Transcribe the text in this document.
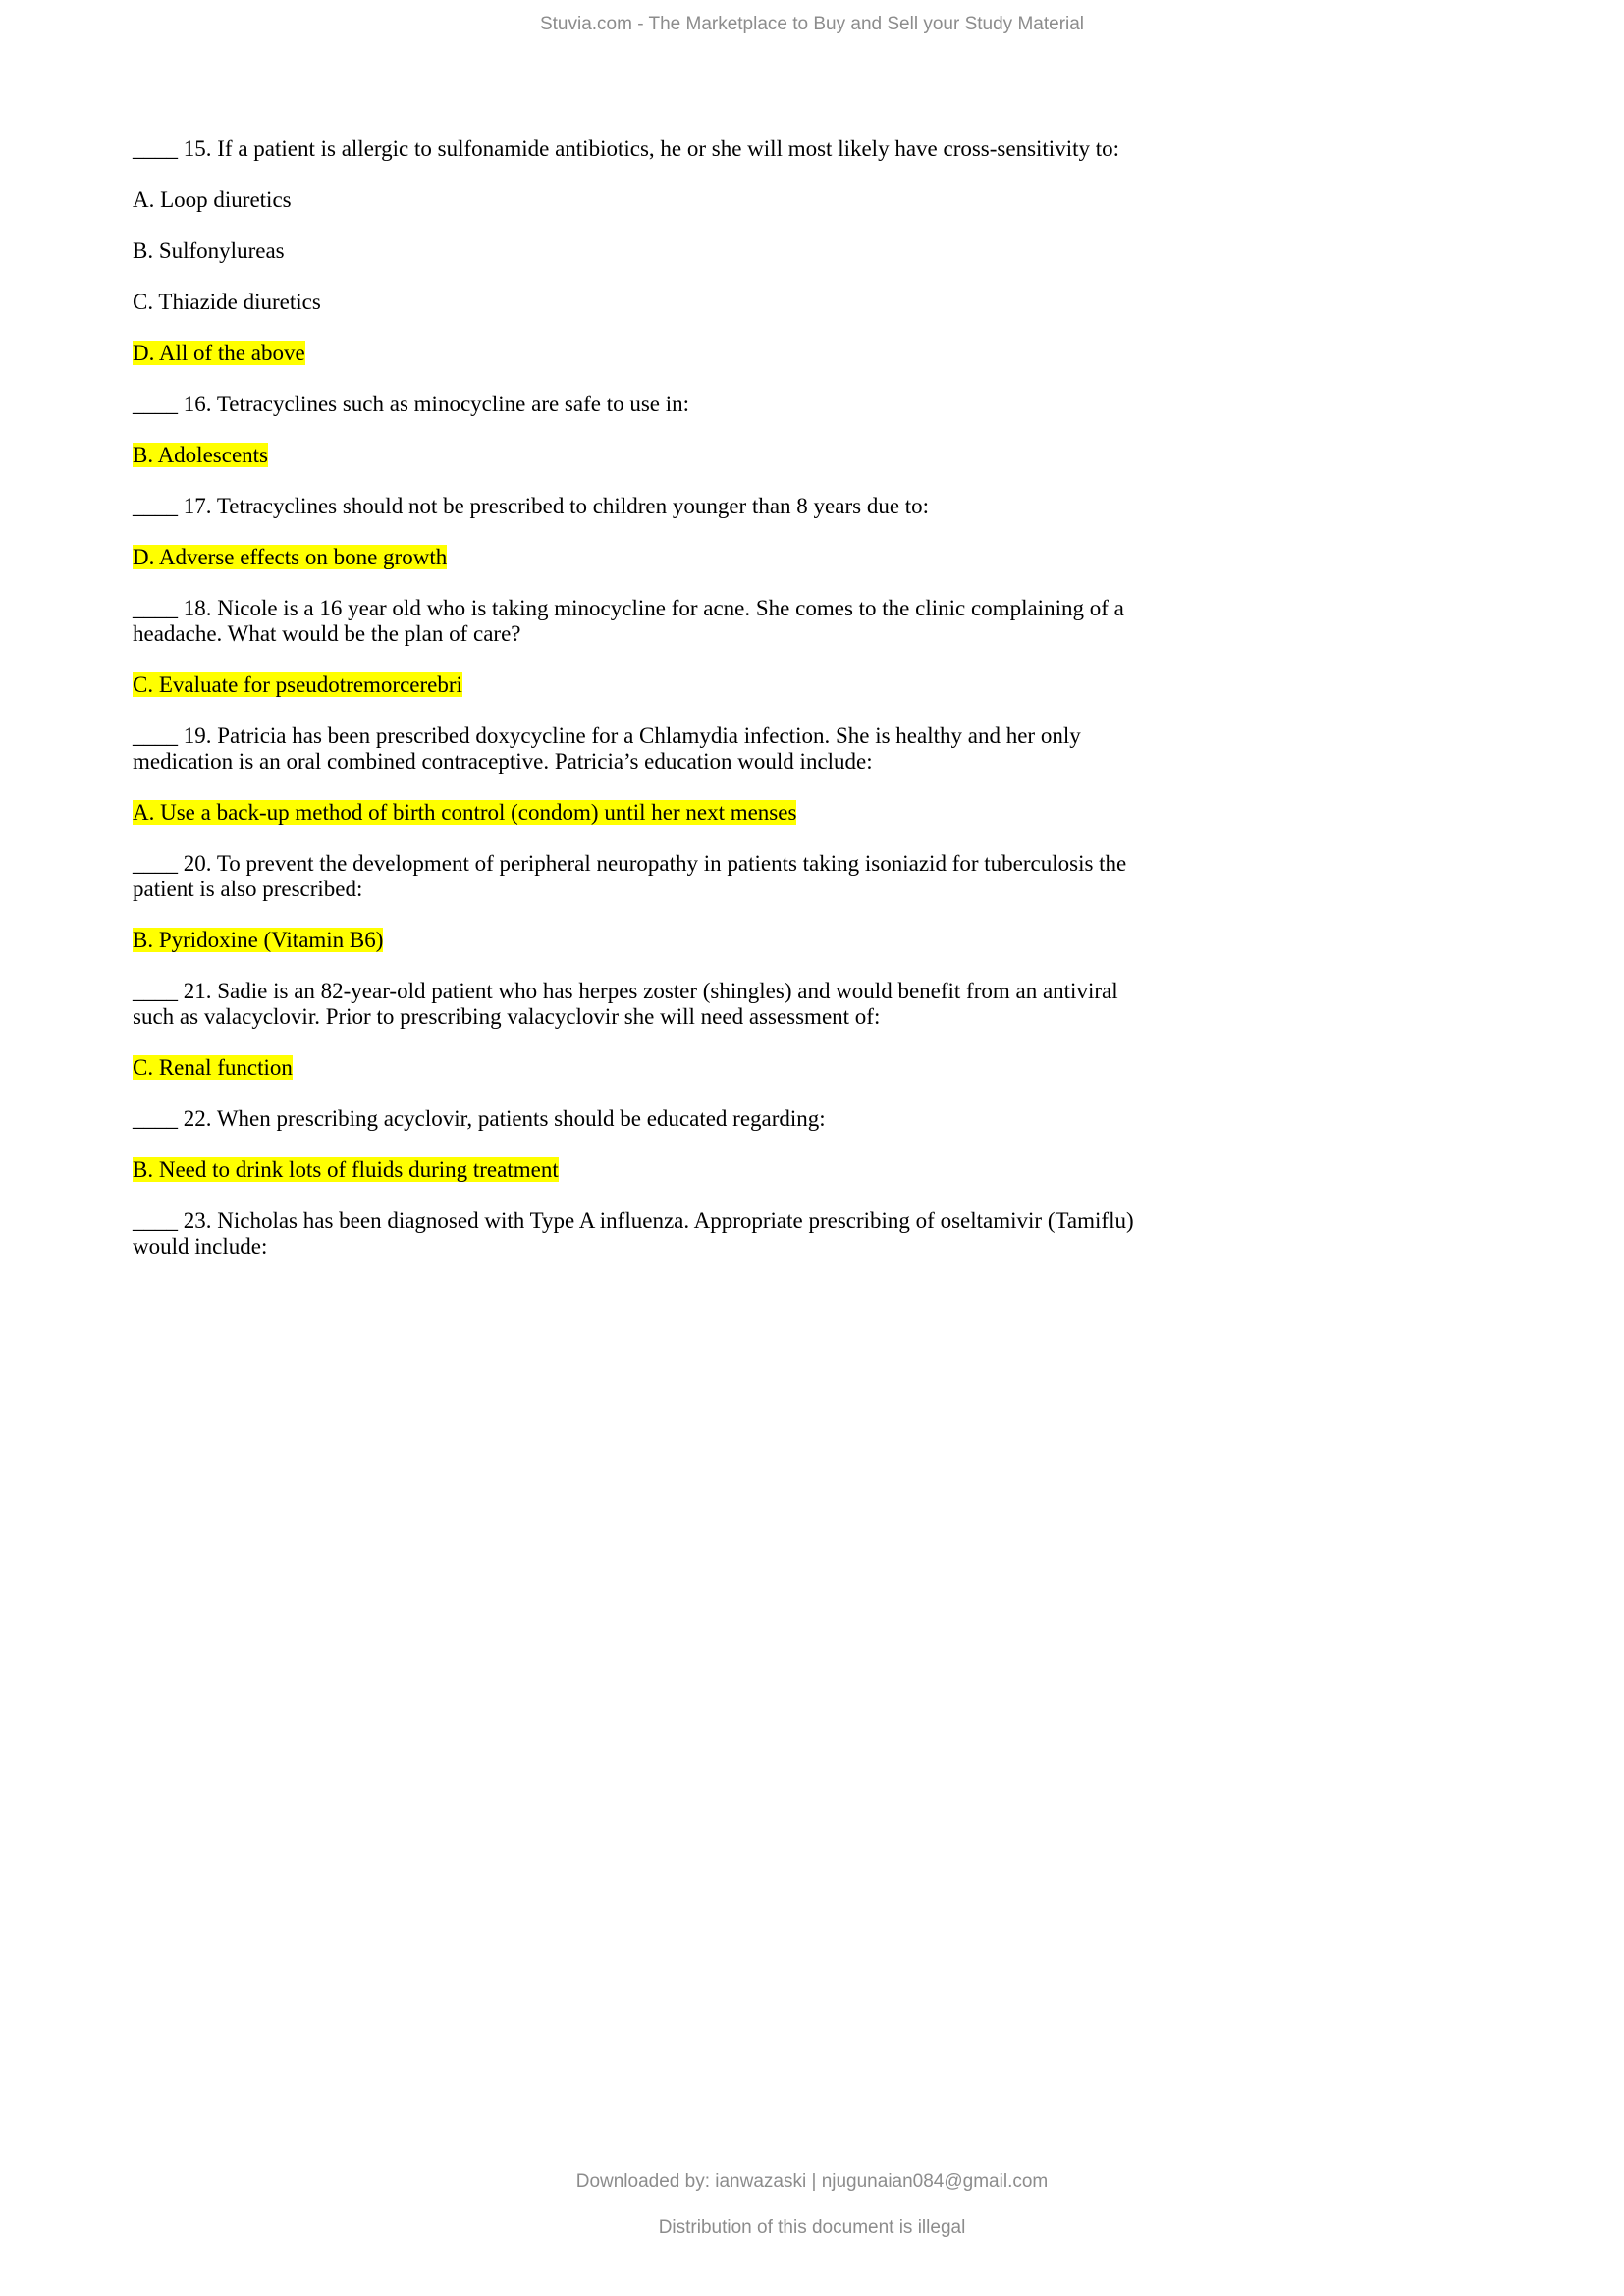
Stuvia.com - The Marketplace to Buy and Sell your Study Material

____ 15. If a patient is allergic to sulfonamide antibiotics, he or she will most likely have cross-sensitivity to:

A. Loop diuretics

B. Sulfonylureas

C. Thiazide diuretics

D. All of the above

____ 16. Tetracyclines such as minocycline are safe to use in:

B. Adolescents

____ 17. Tetracyclines should not be prescribed to children younger than 8 years due to:

D. Adverse effects on bone growth

____ 18. Nicole is a 16 year old who is taking minocycline for acne. She comes to the clinic complaining of a headache. What would be the plan of care?

C. Evaluate for pseudotremorcerebri

____ 19. Patricia has been prescribed doxycycline for a Chlamydia infection. She is healthy and her only medication is an oral combined contraceptive. Patricia’s education would include:

A. Use a back-up method of birth control (condom) until her next menses

____ 20. To prevent the development of peripheral neuropathy in patients taking isoniazid for tuberculosis the patient is also prescribed:

B. Pyridoxine (Vitamin B6)

____ 21. Sadie is an 82-year-old patient who has herpes zoster (shingles) and would benefit from an antiviral such as valacyclovir. Prior to prescribing valacyclovir she will need assessment of:

C. Renal function

____ 22. When prescribing acyclovir, patients should be educated regarding:

B. Need to drink lots of fluids during treatment

____ 23. Nicholas has been diagnosed with Type A influenza. Appropriate prescribing of oseltamivir (Tamiflu) would include:

Downloaded by: ianwazaski | njugunaian084@gmail.com
Distribution of this document is illegal
